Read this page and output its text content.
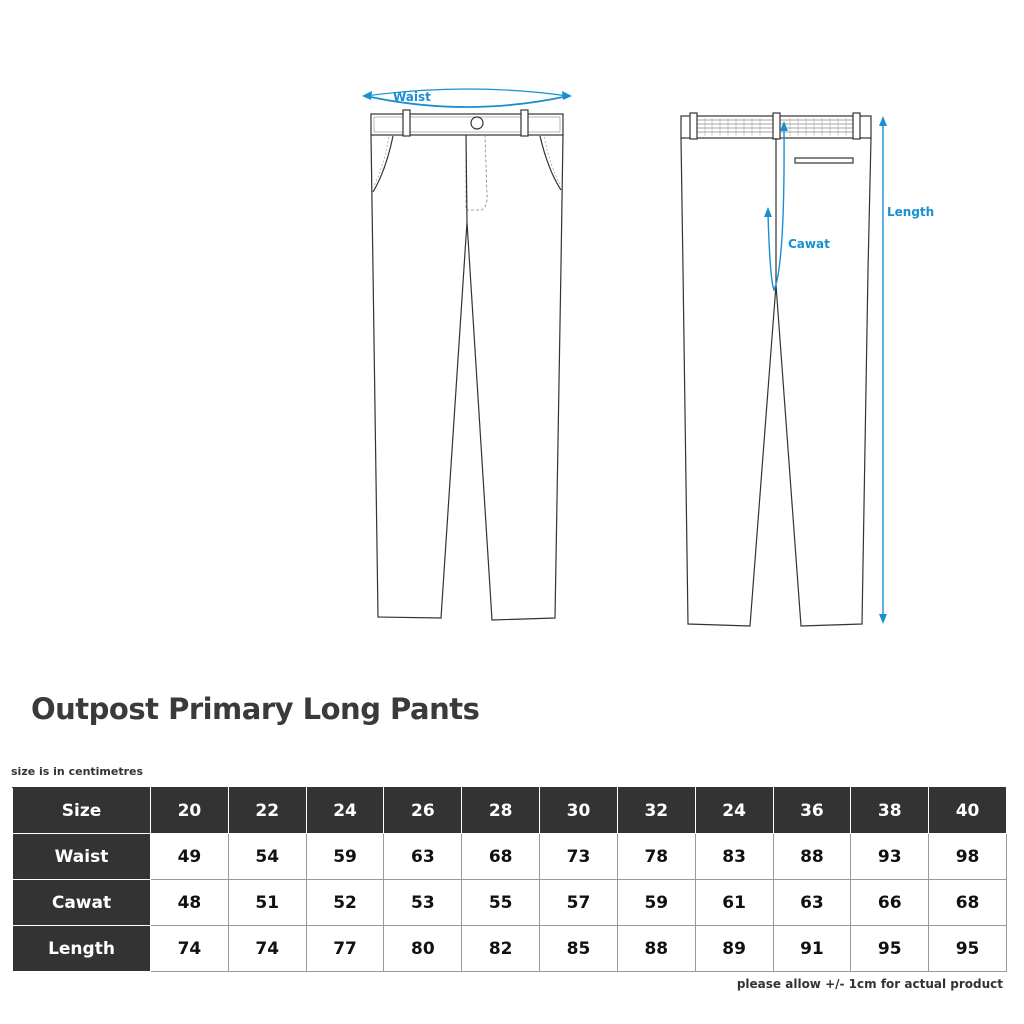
Waist
Cawat
Length
Outpost Primary Long Pants
size is in centimetres
Size	20	22	24	26	28	30	32	24	36	38	40
Waist	49	54	59	63	68	73	78	83	88	93	98
Cawat	48	51	52	53	55	57	59	61	63	66	68
Length	74	74	77	80	82	85	88	89	91	95	95
please allow +/- 1cm for actual product
